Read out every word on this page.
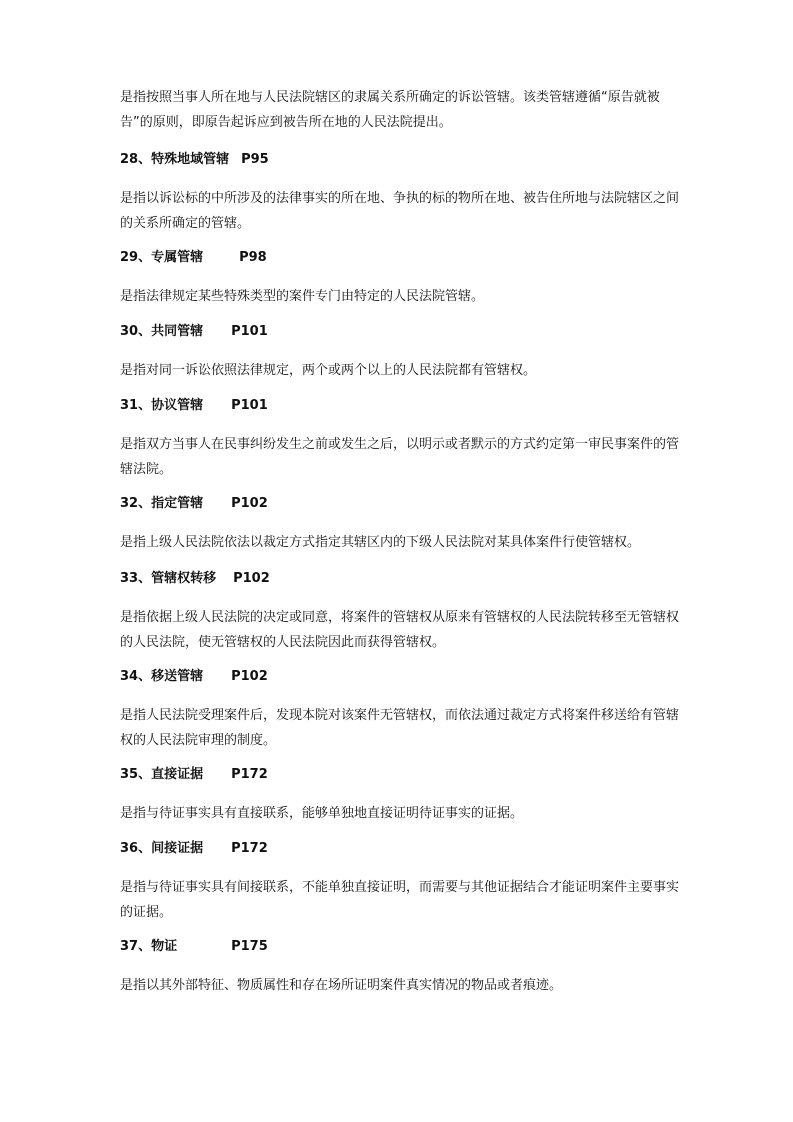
是指按照当事人所在地与人民法院辖区的隶属关系所确定的诉讼管辖。该类管辖遵循“原告就被告”的原则，即原告起诉应到被告所在地的人民法院提出。

28、特殊地域管辖 P95
是指以诉讼标的中所涉及的法律事实的所在地、争执的标的物所在地、被告住所地与法院辖区之间的关系所确定的管辖。
29、专属管辖	P98
是指法律规定某些特殊类型的案件专门由特定的人民法院管辖。
30、共同管辖 P101
是指对同一诉讼依照法律规定，两个或两个以上的人民法院都有管辖权。
31、协议管辖 P101
是指双方当事人在民事纠纷发生之前或发生之后，以明示或者默示的方式约定第一审民事案件的管辖法院。
32、指定管辖 P102
是指上级人民法院依法以裁定方式指定其辖区内的下级人民法院对某具体案件行使管辖权。
33、管辖权转移 P102
是指依据上级人民法院的决定或同意，将案件的管辖权从原来有管辖权的人民法院转移至无管辖权的人民法院，使无管辖权的人民法院因此而获得管辖权。
34、移送管辖 P102
是指人民法院受理案件后，发现本院对该案件无管辖权，而依法通过裁定方式将案件移送给有管辖权的人民法院审理的制度。
35、直接证据 P172
是指与待证事实具有直接联系，能够单独地直接证明待证事实的证据。
36、间接证据 P172
是指与待证事实具有间接联系，不能单独直接证明，而需要与其他证据结合才能证明案件主要事实的证据。
37、物证	P175
是指以其外部特征、物质属性和存在场所证明案件真实情况的物品或者痕迹。
